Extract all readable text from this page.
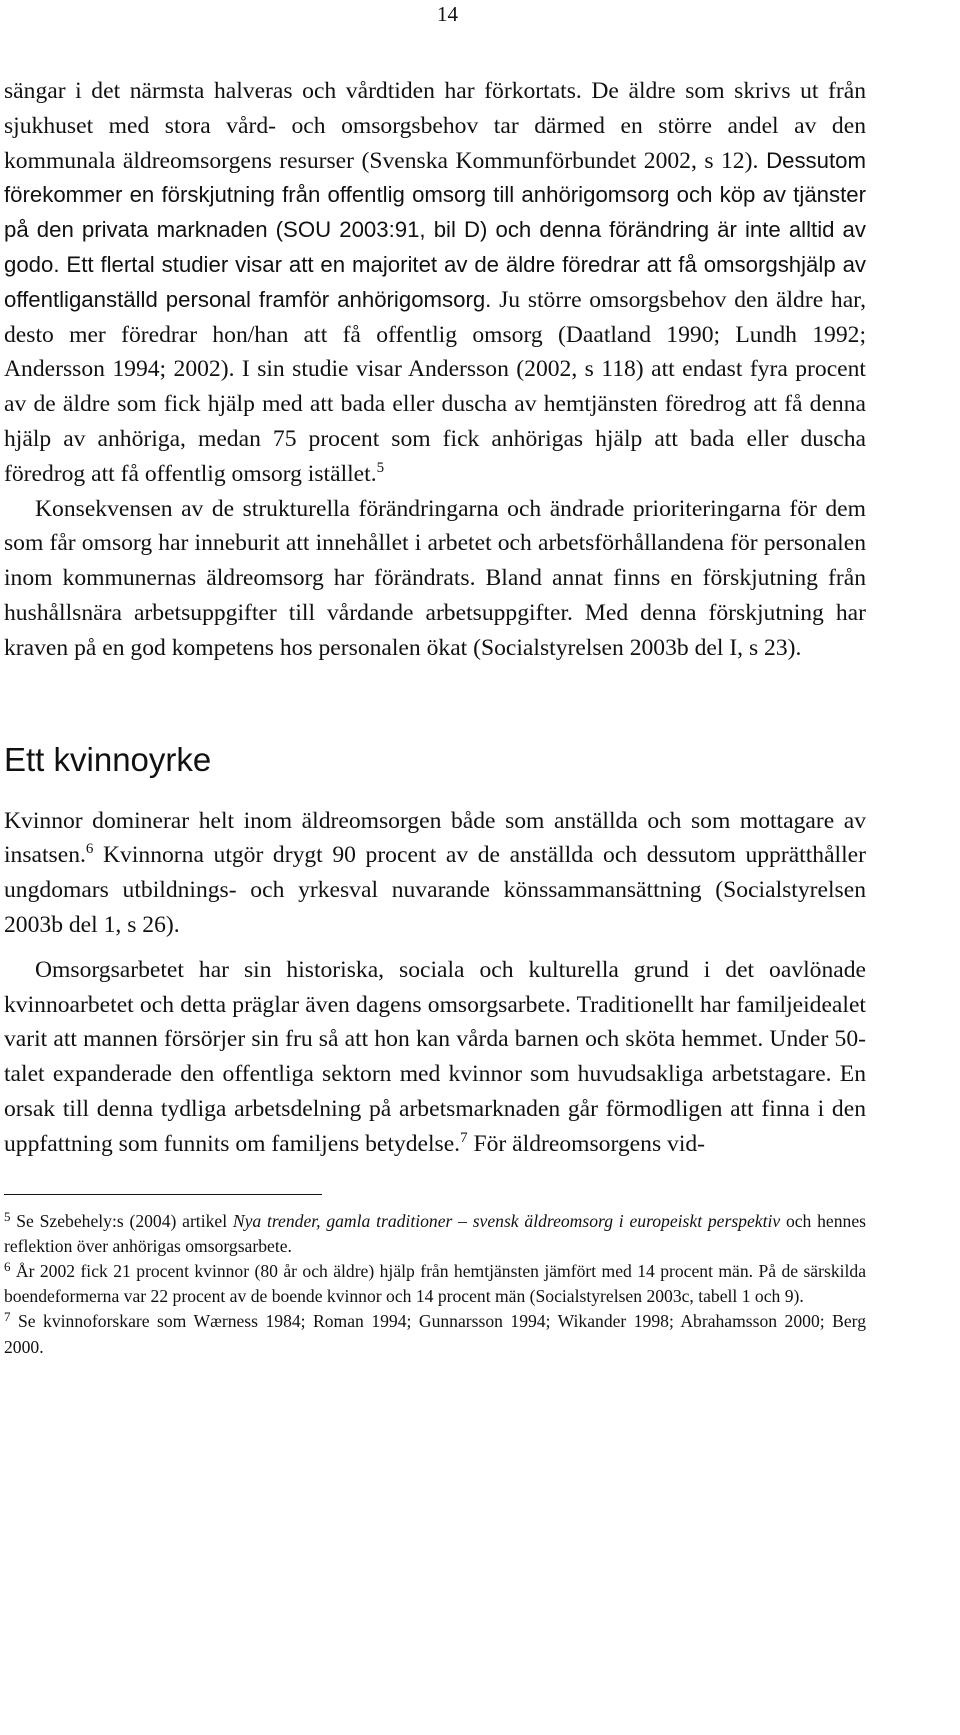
14

sängar i det närmsta halveras och vårdtiden har förkortats. De äldre som skrivs ut från sjukhuset med stora vård- och omsorgsbehov tar därmed en större andel av den kommunala äldreomsorgens resurser (Svenska Kommunförbundet 2002, s 12). Dessutom förekommer en förskjutning från offentlig omsorg till anhörigomsorg och köp av tjänster på den privata marknaden (SOU 2003:91, bil D) och denna förändring är inte alltid av godo. Ett flertal studier visar att en majoritet av de äldre föredrar att få omsorgshjälp av offentliganställd personal framför anhörigomsorg. Ju större omsorgsbehov den äldre har, desto mer föredrar hon/han att få offentlig omsorg (Daatland 1990; Lundh 1992; Andersson 1994; 2002). I sin studie visar Andersson (2002, s 118) att endast fyra procent av de äldre som fick hjälp med att bada eller duscha av hemtjänsten föredrog att få denna hjälp av anhöriga, medan 75 procent som fick anhörigas hjälp att bada eller duscha föredrog att få offentlig omsorg istället.$^5$

Konsekvensen av de strukturella förändringarna och ändrade prioriteringarna för dem som får omsorg har inneburit att innehållet i arbetet och arbetsförhållandena för personalen inom kommunernas äldreomsorg har förändrats. Bland annat finns en förskjutning från hushållsnära arbetsuppgifter till vårdande arbetsuppgifter. Med denna förskjutning har kraven på en god kompetens hos personalen ökat (Socialstyrelsen 2003b del I, s 23).

Ett kvinnoyrke

Kvinnor dominerar helt inom äldreomsorgen både som anställda och som mottagare av insatsen.$^6$ Kvinnorna utgör drygt 90 procent av de anställda och dessutom upprätthåller ungdomars utbildnings- och yrkesval nuvarande könssammansättning (Socialstyrelsen 2003b del 1, s 26).

Omsorgsarbetet har sin historiska, sociala och kulturella grund i det oavlönade kvinnoarbetet och detta präglar även dagens omsorgsarbete. Traditionellt har familjeidealet varit att mannen försörjer sin fru så att hon kan vårda barnen och sköta hemmet. Under 50-talet expanderade den offentliga sektorn med kvinnor som huvudsakliga arbetstagare. En orsak till denna tydliga arbetsdelning på arbetsmarknaden går förmodligen att finna i den uppfattning som funnits om familjens betydelse.$^7$ För äldreomsorgens vid-

$^5$ Se Szebehely:s (2004) artikel Nya trender, gamla traditioner – svensk äldreomsorg i europeiskt perspektiv och hennes reflektion över anhörigas omsorgsarbete.

$^6$ År 2002 fick 21 procent kvinnor (80 år och äldre) hjälp från hemtjänsten jämfört med 14 procent män. På de särskilda boendeformerna var 22 procent av de boende kvinnor och 14 procent män (Socialstyrelsen 2003c, tabell 1 och 9).

$^7$ Se kvinnoforskare som Wærness 1984; Roman 1994; Gunnarsson 1994; Wikander 1998; Abrahamsson 2000; Berg 2000.
